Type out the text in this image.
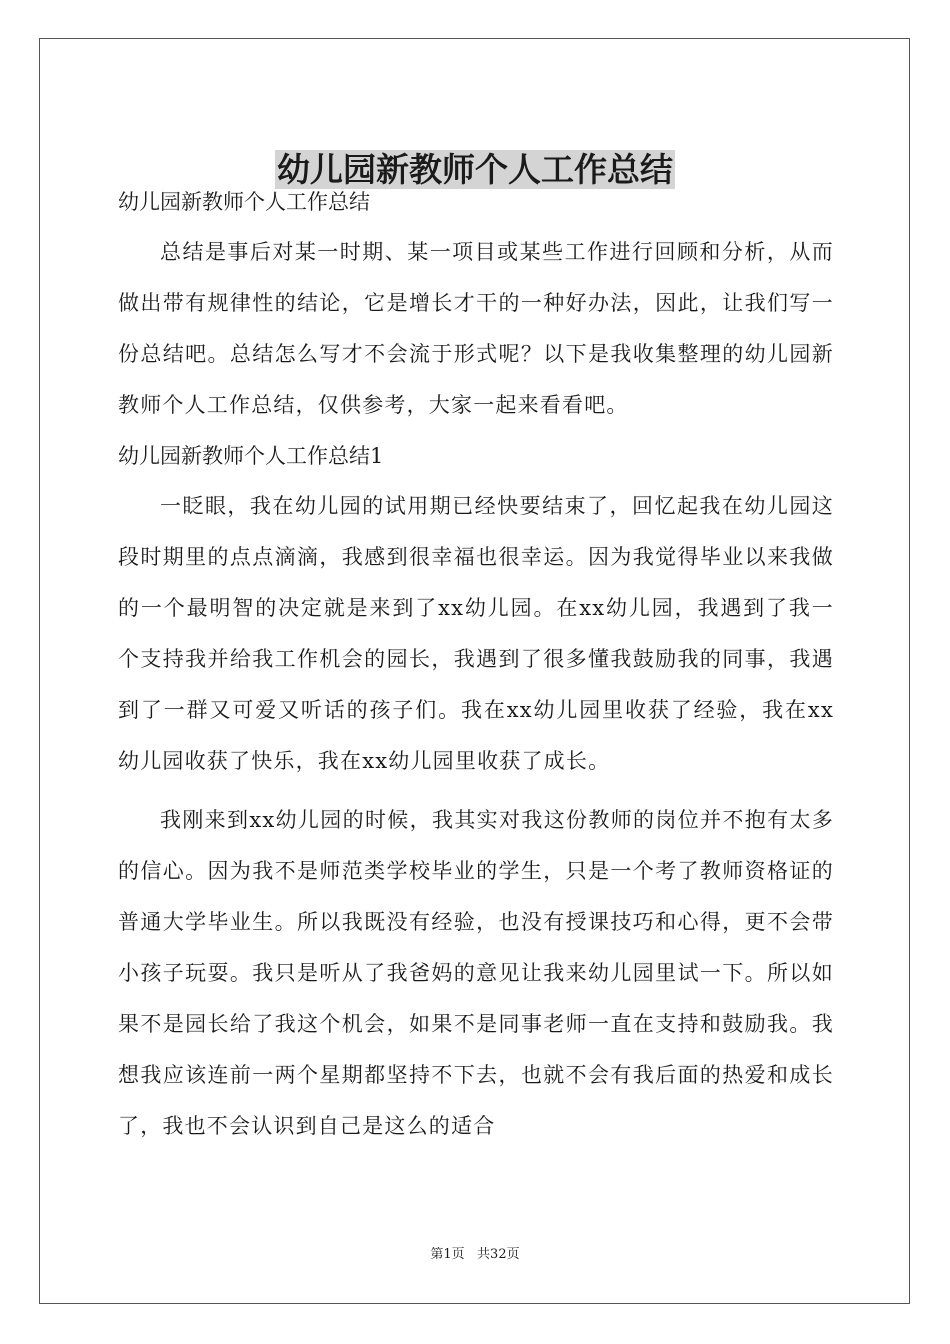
幼儿园新教师个人工作总结

幼儿园新教师个人工作总结

总结是事后对某一时期、某一项目或某些工作进行回顾和分析，从而做出带有规律性的结论，它是增长才干的一种好办法，因此，让我们写一份总结吧。总结怎么写才不会流于形式呢？以下是我收集整理的幼儿园新教师个人工作总结，仅供参考，大家一起来看看吧。

幼儿园新教师个人工作总结1

一眨眼，我在幼儿园的试用期已经快要结束了，回忆起我在幼儿园这段时期里的点点滴滴，我感到很幸福也很幸运。因为我觉得毕业以来我做的一个最明智的决定就是来到了xx幼儿园。在xx幼儿园，我遇到了我一个支持我并给我工作机会的园长，我遇到了很多懂我鼓励我的同事，我遇到了一群又可爱又听话的孩子们。我在xx幼儿园里收获了经验，我在xx幼儿园收获了快乐，我在xx幼儿园里收获了成长。

我刚来到xx幼儿园的时候，我其实对我这份教师的岗位并不抱有太多的信心。因为我不是师范类学校毕业的学生，只是一个考了教师资格证的普通大学毕业生。所以我既没有经验，也没有授课技巧和心得，更不会带小孩子玩耍。我只是听从了我爸妈的意见让我来幼儿园里试一下。所以如果不是园长给了我这个机会，如果不是同事老师一直在支持和鼓励我。我想我应该连前一两个星期都坚持不下去，也就不会有我后面的热爱和成长了，我也不会认识到自己是这么的适合

第1页   共32页
